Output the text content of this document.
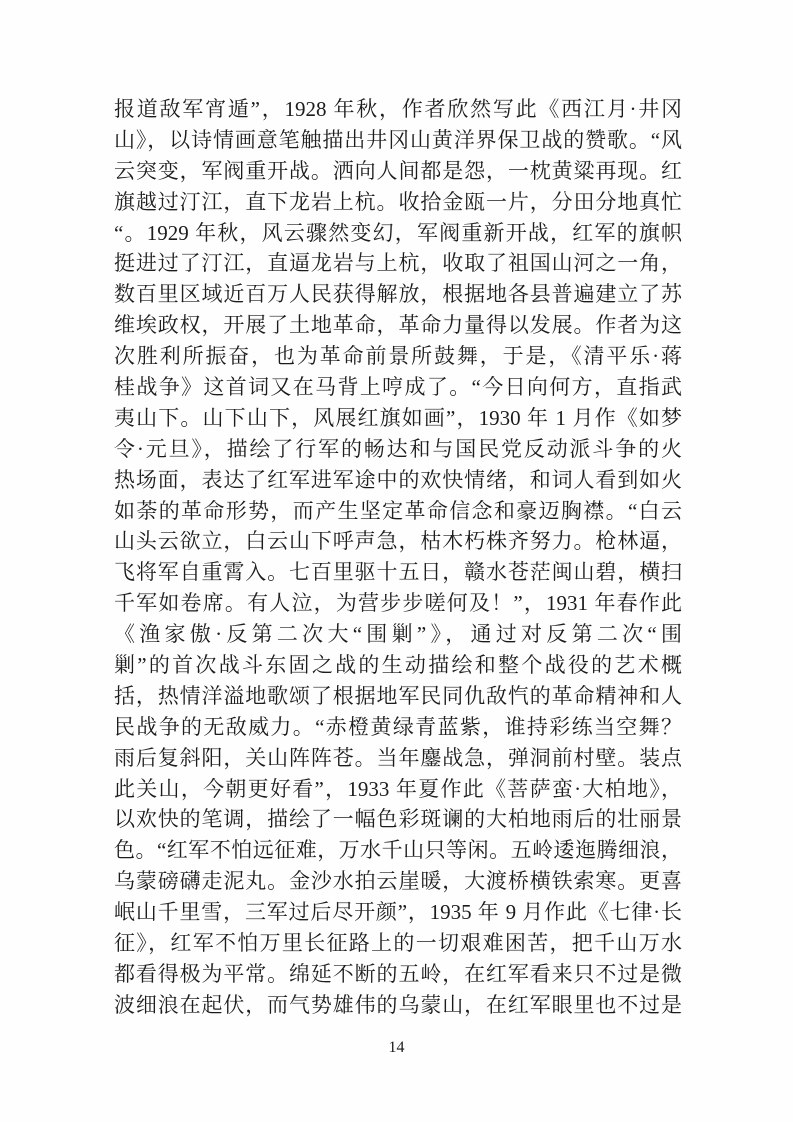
报道敌军宵遁”，1928 年秋，作者欣然写此《西江月·井冈
山》，以诗情画意笔触描出井冈山黄洋界保卫战的赞歌。“风
云突变，军阀重开战。洒向人间都是怨，一枕黄粱再现。红
旗越过汀江，直下龙岩上杭。收拾金瓯一片，分田分地真忙
“。1929 年秋，风云骤然变幻，军阀重新开战，红军的旗帜
挺进过了汀江，直逼龙岩与上杭，收取了祖国山河之一角，
数百里区域近百万人民获得解放，根据地各县普遍建立了苏
维埃政权，开展了土地革命，革命力量得以发展。作者为这
次胜利所振奋，也为革命前景所鼓舞，于是，《清平乐·蒋
桂战争》这首词又在马背上哼成了。“今日向何方，直指武
夷山下。山下山下，风展红旗如画”，1930 年 1 月作《如梦
令·元旦》，描绘了行军的畅达和与国民党反动派斗争的火
热场面，表达了红军进军途中的欢快情绪，和词人看到如火
如荼的革命形势，而产生坚定革命信念和豪迈胸襟。“白云
山头云欲立，白云山下呼声急，枯木朽株齐努力。枪林逼，
飞将军自重霄入。七百里驱十五日，赣水苍茫闽山碧，横扫
千军如卷席。有人泣，为营步步嗟何及！”，1931 年春作此
《渔家傲·反第二次大“围剿”》，通过对反第二次“围
剿”的首次战斗东固之战的生动描绘和整个战役的艺术概
括，热情洋溢地歌颂了根据地军民同仇敌忾的革命精神和人
民战争的无敌威力。“赤橙黄绿青蓝紫，谁持彩练当空舞？
雨后复斜阳，关山阵阵苍。当年鏖战急，弹洞前村壁。装点
此关山，今朝更好看”，1933 年夏作此《菩萨蛮·大柏地》，
以欢快的笔调，描绘了一幅色彩斑谰的大柏地雨后的壮丽景
色。“红军不怕远征难，万水千山只等闲。五岭逶迤腾细浪，
乌蒙磅礴走泥丸。金沙水拍云崖暖，大渡桥横铁索寒。更喜
岷山千里雪，三军过后尽开颜”，1935 年 9 月作此《七律·长
征》，红军不怕万里长征路上的一切艰难困苦，把千山万水
都看得极为平常。绵延不断的五岭，在红军看来只不过是微
波细浪在起伏，而气势雄伟的乌蒙山，在红军眼里也不过是
14
